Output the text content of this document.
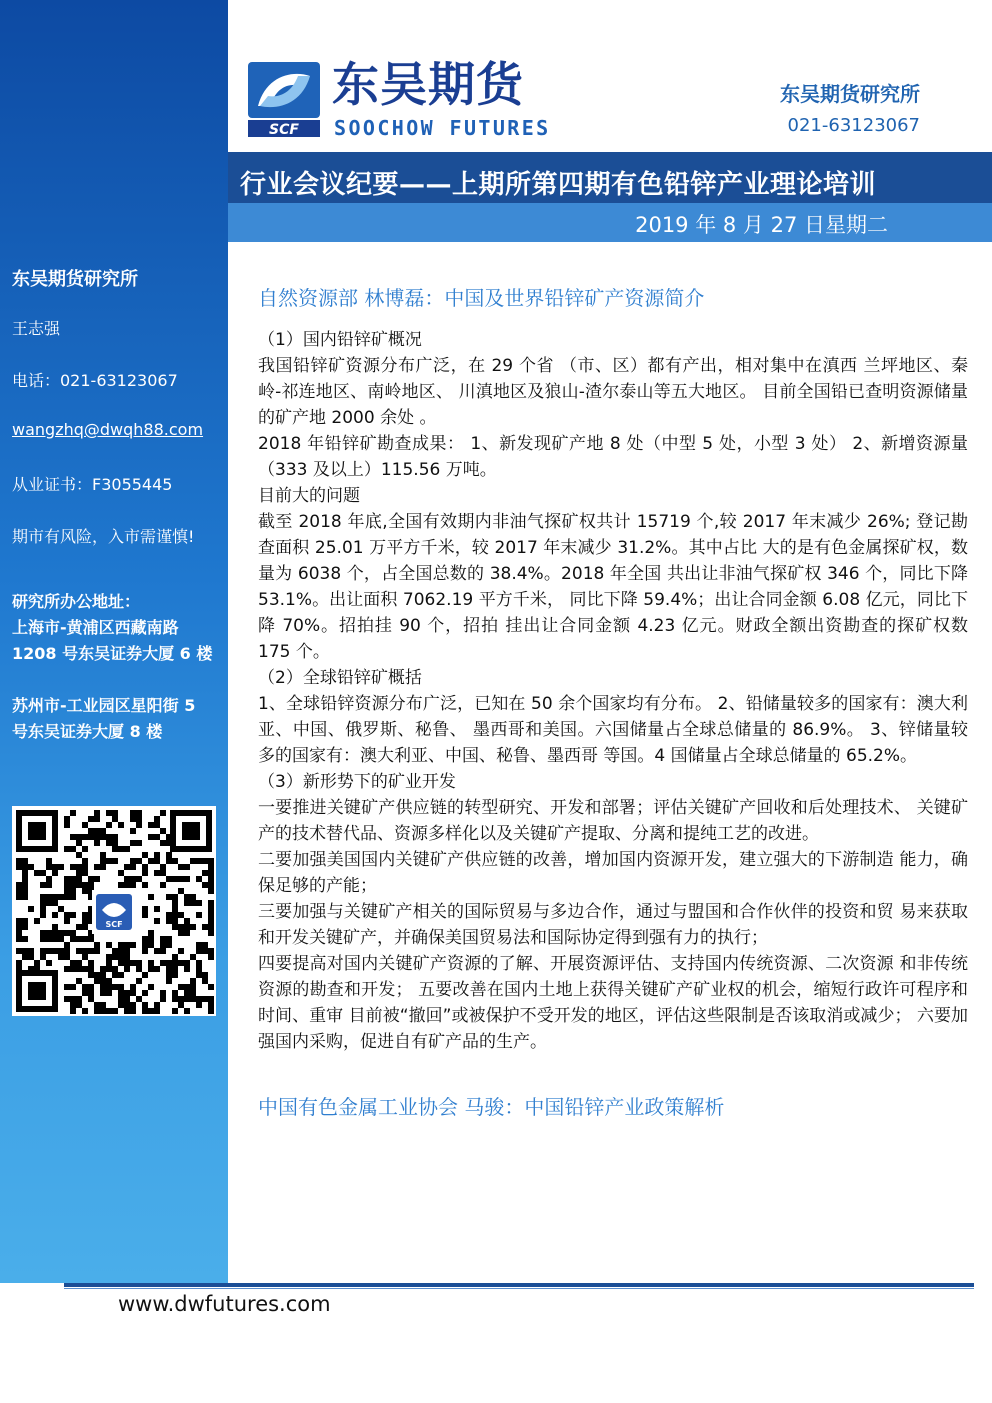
东吴期货研究所
王志强
电话：021-63123067
wangzhq@dwqh88.com
从业证书：F3055445
期市有风险，入市需谨慎!
研究所办公地址：
上海市-黄浦区西藏南路
1208 号东吴证券大厦 6 楼
苏州市-工业园区星阳街 5
号东吴证券大厦 8 楼
SCF
SCF
东吴期货
SOOCHOW FUTURES
东吴期货研究所
021-63123067
行业会议纪要——上期所第四期有色铅锌产业理论培训
2019 年 8 月 27 日星期二

自然资源部 林博磊：中国及世界铅锌矿产资源简介

（1）国内铅锌矿概况

我国铅锌矿资源分布广泛，在 29 个省 （市、区）都有产出，相对集中在滇西 兰坪地区、秦岭-祁连地区、南岭地区、 川滇地区及狼山-渣尔泰山等五大地区。 目前全国铅已查明资源储量的矿产地 2000 余处 。

2018 年铅锌矿勘查成果： 1、新发现矿产地 8 处（中型 5 处，小型 3 处） 2、新增资源量（333 及以上）115.56 万吨。

目前大的问题

截至 2018 年底,全国有效期内非油气探矿权共计 15719 个,较 2017 年末减少 26%; 登记勘查面积 25.01 万平方千米，较 2017 年末减少 31.2%。其中占比 大的是有色金属探矿权，数量为 6038 个，占全国总数的 38.4%。2018 年全国 共出让非油气探矿权 346 个，同比下降 53.1%。出让面积 7062.19 平方千米， 同比下降 59.4%；出让合同金额 6.08 亿元，同比下降 70%。招拍挂 90 个，招拍 挂出让合同金额 4.23 亿元。财政全额出资勘查的探矿权数 175 个。

（2）全球铅锌矿概括

1、全球铅锌资源分布广泛，已知在 50 余个国家均有分布。 2、铅储量较多的国家有：澳大利亚、中国、俄罗斯、秘鲁、 墨西哥和美国。六国储量占全球总储量的 86.9%。 3、锌储量较多的国家有：澳大利亚、中国、秘鲁、墨西哥 等国。4 国储量占全球总储量的 65.2%。

（3）新形势下的矿业开发

一要推进关键矿产供应链的转型研究、开发和部署；评估关键矿产回收和后处理技术、 关键矿产的技术替代品、资源多样化以及关键矿产提取、分离和提纯工艺的改进。

二要加强美国国内关键矿产供应链的改善，增加国内资源开发，建立强大的下游制造 能力，确保足够的产能；

三要加强与关键矿产相关的国际贸易与多边合作，通过与盟国和合作伙伴的投资和贸 易来获取和开发关键矿产，并确保美国贸易法和国际协定得到强有力的执行；

四要提高对国内关键矿产资源的了解、开展资源评估、支持国内传统资源、二次资源 和非传统资源的勘查和开发； 五要改善在国内土地上获得关键矿产矿业权的机会，缩短行政许可程序和时间、重审 目前被“撤回”或被保护不受开发的地区，评估这些限制是否该取消或减少； 六要加强国内采购，促进自有矿产品的生产。

中国有色金属工业协会 马骏：中国铅锌产业政策解析

www.dwfutures.com
